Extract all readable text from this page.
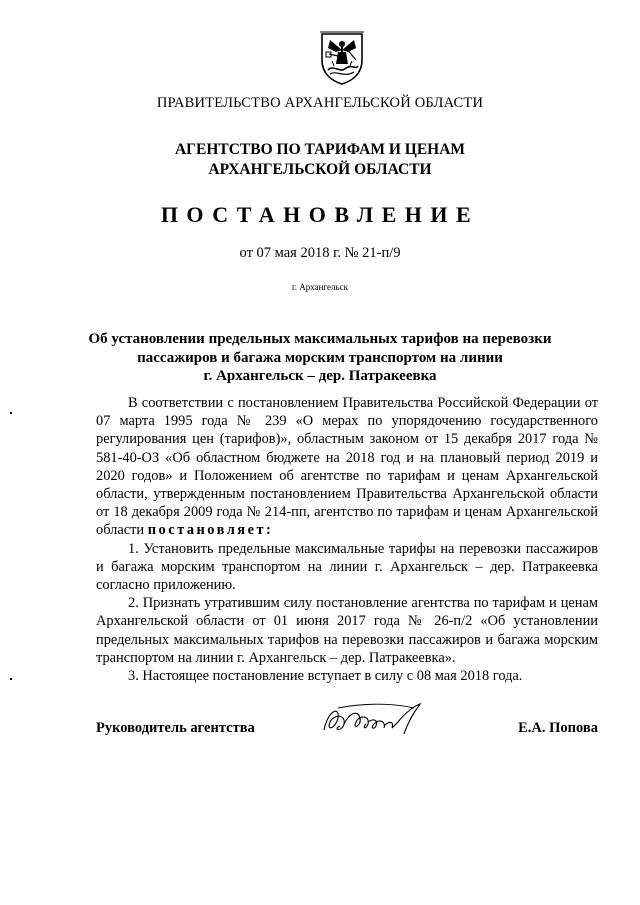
ПРАВИТЕЛЬСТВО АРХАНГЕЛЬСКОЙ ОБЛАСТИ
АГЕНТСТВО ПО ТАРИФАМ И ЦЕНАМ
АРХАНГЕЛЬСКОЙ ОБЛАСТИ
ПОСТАНОВЛЕНИЕ
от 07 мая 2018 г. № 21-п/9
г. Архангельск
Об установлении предельных максимальных тарифов на перевозки
пассажиров и багажа морским транспортом на линии
г. Архангельск – дер. Патракеевка

В соответствии с постановлением Правительства Российской Федерации от 07 марта 1995 года № 239 «О мерах по упорядочению государственного регулирования цен (тарифов)», областным законом от 15 декабря 2017 года № 581-40-ОЗ «Об областном бюджете на 2018 год и на плановый период 2019 и 2020 годов» и Положением об агентстве по тарифам и ценам Архангельской области, утвержденным постановлением Правительства Архангельской области от 18 декабря 2009 года № 214-пп, агентство по тарифам и ценам Архангельской области постановляет:

1. Установить предельные максимальные тарифы на перевозки пассажиров и багажа морским транспортом на линии г. Архангельск – дер. Патракеевка согласно приложению.

2. Признать утратившим силу постановление агентства по тарифам и ценам Архангельской области от 01 июня 2017 года № 26-п/2 «Об установлении предельных максимальных тарифов на перевозки пассажиров и багажа морским транспортом на линии г. Архангельск – дер. Патракеевка».

3. Настоящее постановление вступает в силу с 08 мая 2018 года.

Руководитель агентства	Е.А. Попова
